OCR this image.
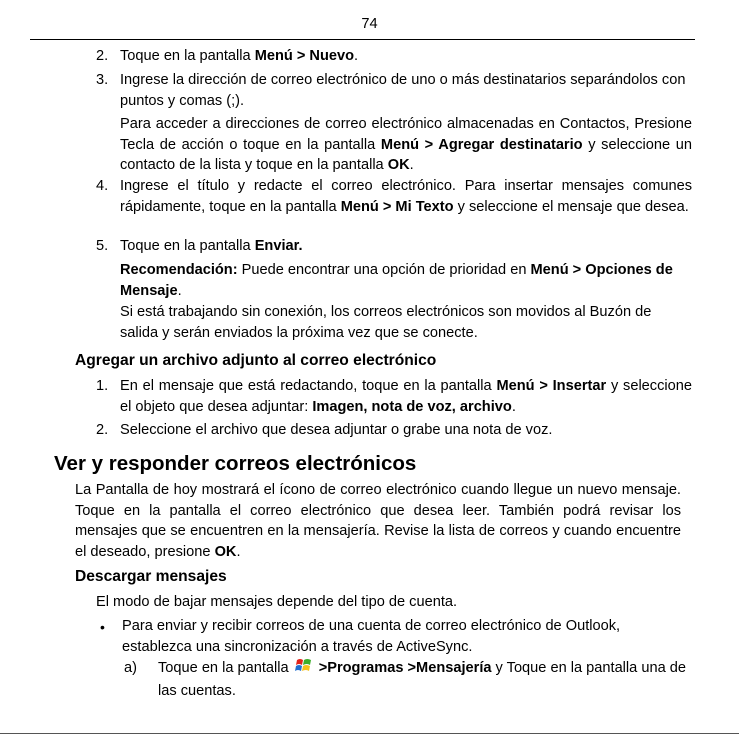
74
2. Toque en la pantalla Menú > Nuevo.
3. Ingrese la dirección de correo electrónico de uno o más destinatarios separándolos con puntos y comas (;).
Para acceder a direcciones de correo electrónico almacenadas en Contactos, Presione Tecla de acción o toque en la pantalla Menú > Agregar destinatario y seleccione un contacto de la lista y toque en la pantalla OK.
4. Ingrese el título y redacte el correo electrónico. Para insertar mensajes comunes rápidamente, toque en la pantalla Menú > Mi Texto y seleccione el mensaje que desea.
5. Toque en la pantalla Enviar.
Recomendación: Puede encontrar una opción de prioridad en Menú > Opciones de Mensaje.
Si está trabajando sin conexión, los correos electrónicos son movidos al Buzón de salida y serán enviados la próxima vez que se conecte.
Agregar un archivo adjunto al correo electrónico
1. En el mensaje que está redactando, toque en la pantalla Menú > Insertar y seleccione el objeto que desea adjuntar: Imagen, nota de voz, archivo.
2. Seleccione el archivo que desea adjuntar o grabe una nota de voz.
Ver y responder correos electrónicos
La Pantalla de hoy mostrará el ícono de correo electrónico cuando llegue un nuevo mensaje. Toque en la pantalla el correo electrónico que desea leer. También podrá revisar los mensajes que se encuentren en la mensajería. Revise la lista de correos y cuando encuentre el deseado, presione OK.
Descargar mensajes
El modo de bajar mensajes depende del tipo de cuenta.
• Para enviar y recibir correos de una cuenta de correo electrónico de Outlook, establezca una sincronización a través de ActiveSync.
a) Toque en la pantalla >Programas >Mensajería y Toque en la pantalla una de las cuentas.
